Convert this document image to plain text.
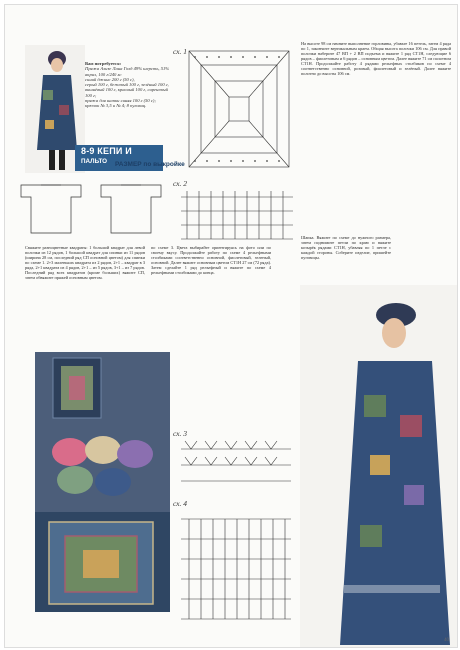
Вам потребуется:
Пряжа Ализе Лана Голд 49% шерсть, 51% акрил, 100 г/240 м:
синий джинс 200 г (50 с),
серый 100 г, бежевый 100 г, зелёный 100 г,
вишнёвый 100 г, красный 100 г, сиреневый 100 г;
пряжа для шапки синяя 100 г (50 с);
крючок № 3,5 и № 4; 8 пуговиц.
8-9 КЕПИ И
ПАЛЬТО РАЗМЕР по выкройке
сх. 1
сх. 2
Свяжите разноцветные квадраты: 1 большой квадрат для левой полочки из 12 рядов, 1 большой квадрат для спинки из 11 рядов (ширина 28 см, последний ряд СП основной цветом) для спинки по схеме 1. 2+3 маленьких квадрата из 2 рядов, 2+1 – квадрат в 3 ряда, 2+1 квадрата из 4 рядов, 2+1 – из 5 рядов, 3+1 – из 7 рядов. Последний ряд всех квадратов (кроме больших) вяжите СП, затем обвяжите пряжей основным цветом.
по схеме 3. Цвета выбирайте ориентируясь на фото или по своему вкусу. Продолжайте работу по схеме 4 рельефными столбиками соответственно основной, фиолетовый, зеленый, основной. Далее вяжите основным цветом СТ1Н 27 см (72 ряда). Затем сделайте 1 ряд рельефный и вяжите по схеме 4 рельефными столбиками до конца.
На высоте 98 см начните выполнение горловины, убавьте 16 петель, затем 4 ряда по 1, закончите вертикальным краем. Общая высота полочки 106 см. Для правой полочки наберите 47 ВП + 2 ВП подъема и вяжите 1 ряд СТ1Н, следующие 6 рядов – фиолетовым и 6 рядов – основным цветом. Далее вяжите 71 см полотном СТ1Н. Продолжайте работу 4 рядами рельефных столбиков по схеме 4 соответственно основной, розовый, фиолетовый и зелёный. Далее вяжите полотно до высоты 106 см.
Шапка. Вяжите по схеме до нужного размера, затем поднимите петли по краю и вяжите козырёк рядами СТ1Н, убавляя по 1 петле с каждой стороны. Соберите изделие, пришейте пуговицы.
сх. 3
сх. 4
40
